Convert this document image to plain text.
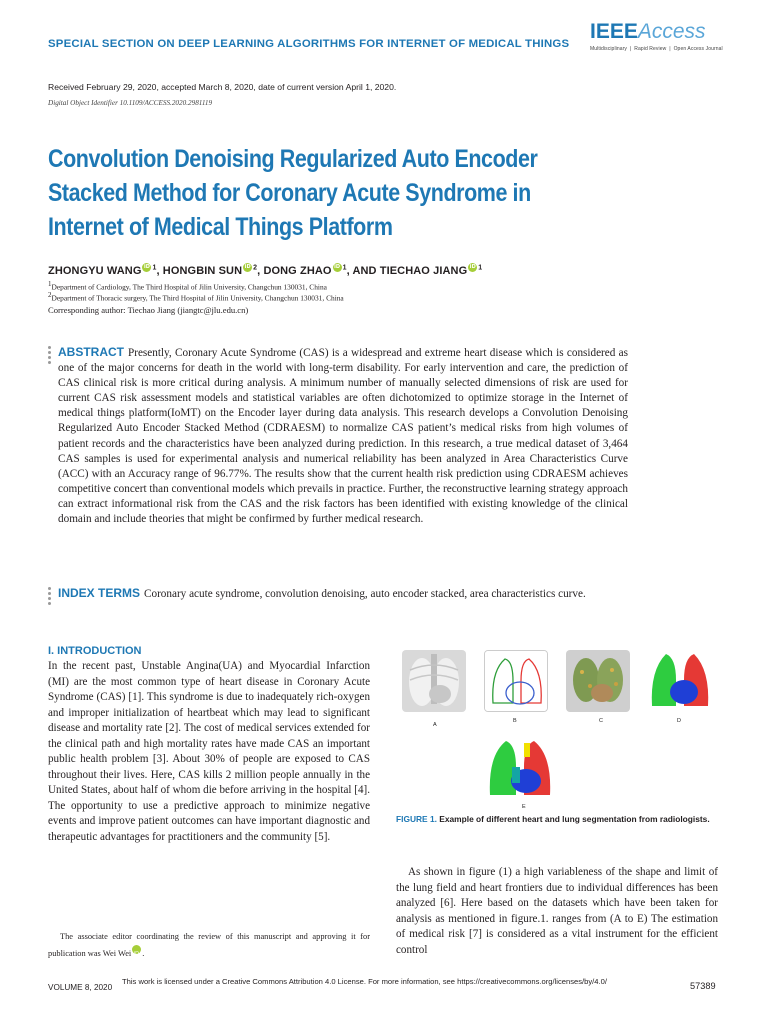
SPECIAL SECTION ON DEEP LEARNING ALGORITHMS FOR INTERNET OF MEDICAL THINGS
IEEEAccess
Multidisciplinary ❘ Rapid Review ❘ Open Access Journal
Received February 29, 2020, accepted March 8, 2020, date of current version April 1, 2020.
Digital Object Identifier 10.1109/ACCESS.2020.2981119
Convolution Denoising Regularized Auto Encoder
Stacked Method for Coronary Acute Syndrome in
Internet of Medical Things Platform
ZHONGYU WANG iD $^1$, HONGBIN SUN iD $^2$, DONG ZHAO iD $^1$, AND TIECHAO JIANG iD $^1$
$^1$Department of Cardiology, The Third Hospital of Jilin University, Changchun 130031, China
$^2$Department of Thoracic surgery, The Third Hospital of Jilin University, Changchun 130031, China
Corresponding author: Tiechao Jiang (jiangtc@jlu.edu.cn)
ABSTRACT Presently, Coronary Acute Syndrome (CAS) is a widespread and extreme heart disease which is considered as one of the major concerns for death in the world with long-term disability. For early intervention and care, the prediction of CAS clinical risk is more critical during analysis. A minimum number of manually selected dimensions of risk are used for current CAS risk assessment models and statistical variables are often dichotomized to optimize storage in the Internet of medical things platform(IoMT) on the Encoder layer during data analysis. This research develops a Convolution Denoising Regularized Auto Encoder Stacked Method (CDRAESM) to normalize CAS patient’s medical risks from high volumes of patient records and the characteristics have been analyzed during prediction. In this research, a true medical dataset of 3,464 CAS samples is used for experimental analysis and numerical reliability has been analyzed in Area Characteristics Curve (ACC) with an Accuracy range of 96.77%. The results show that the current health risk prediction using CDRAESM achieves competitive concert than conventional models which prevails in practice. Further, the reconstructive learning strategy approach can extract informational risk from the CAS and the risk factors has been identified with existing knowledge of the clinical domain and include theories that might be confirmed by further medical research.
INDEX TERMS Coronary acute syndrome, convolution denoising, auto encoder stacked, area characteristics curve.
I. INTRODUCTION
In the recent past, Unstable Angina(UA) and Myocardial Infarction (MI) are the most common type of heart disease in Coronary Acute Syndrome (CAS) [1]. This syndrome is due to inadequately rich-oxygen and improper initialization of heartbeat which may lead to significant disease and mortality rate [2]. The cost of medical services extended for the clinical path and high mortality rates have made CAS an important public health problem [3]. About 30% of people are exposed to CAS throughout their lives. Here, CAS kills 2 million people annually in the United States, about half of whom die before arriving in the hospital [4]. The opportunity to use a predictive approach to minimize negative events and improve patient outcomes can have important diagnostic and therapeutic advantages for practitioners and the community [5].
The associate editor coordinating the review of this manuscript and approving it for publication was Wei Wei iD .
A
B	C	D
E
FIGURE 1. Example of different heart and lung segmentation from radiologists.
As shown in figure (1) a high variableness of the shape and limit of the lung field and heart frontiers due to individual differences has been analyzed [6]. Here based on the datasets which have been taken for analysis as mentioned in figure.1. ranges from (A to E) The estimation of medical risk [7] is considered as a vital instrument for the efficient control
VOLUME 8, 2020
This work is licensed under a Creative Commons Attribution 4.0 License. For more information, see https://creativecommons.org/licenses/by/4.0/	57389
